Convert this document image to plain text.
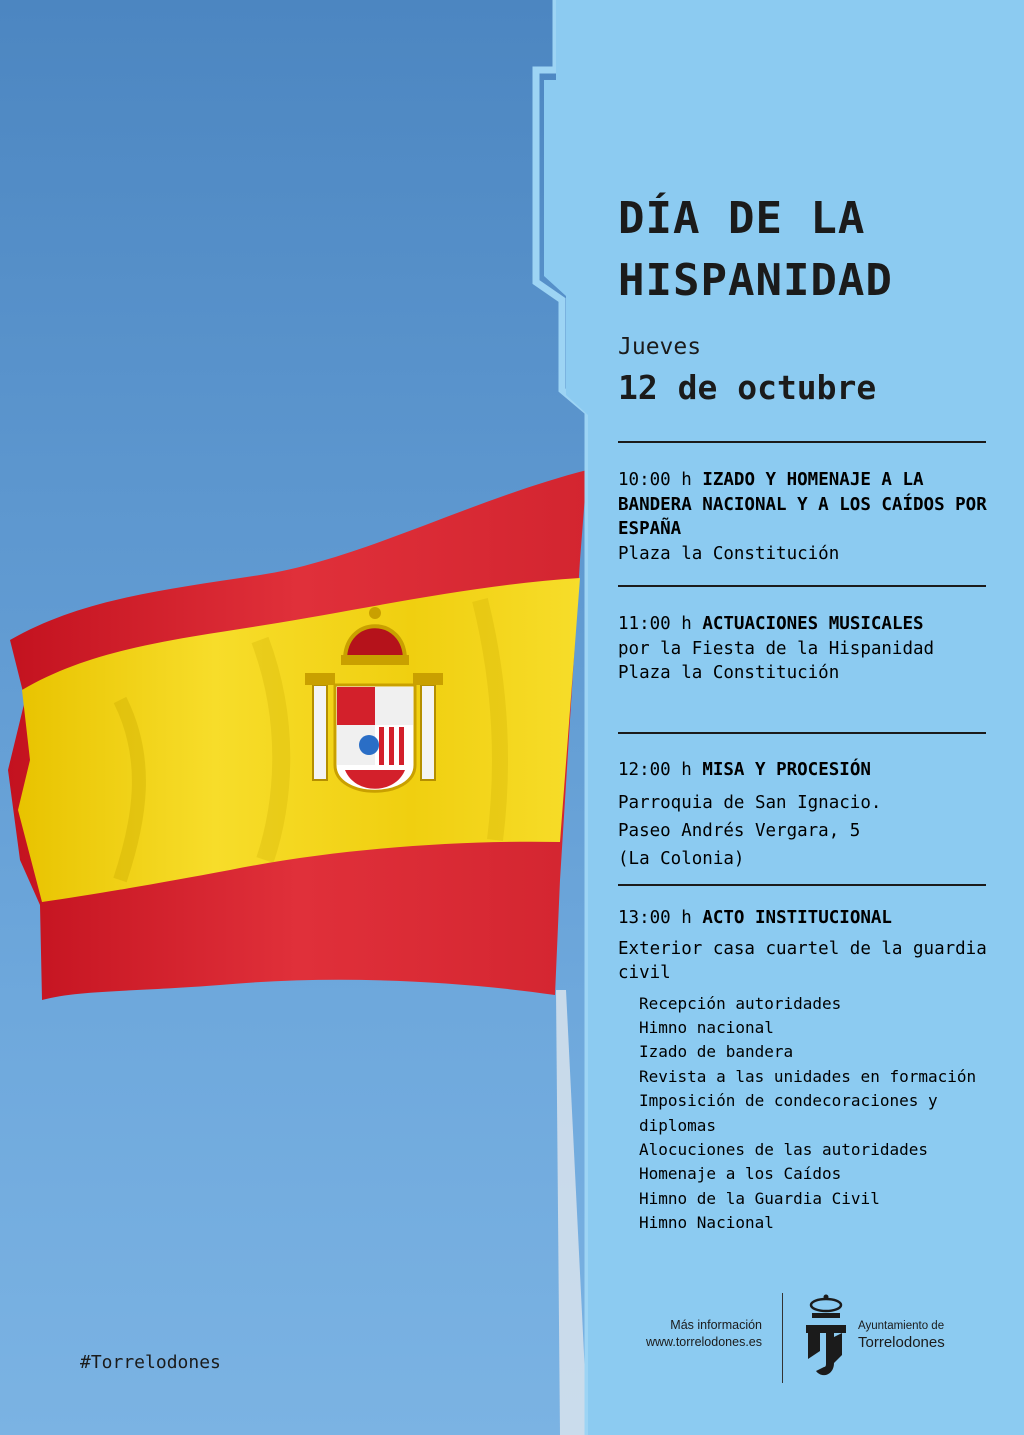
DÍA DE LA HISPANIDAD
Jueves
12 de octubre
10:00 h IZADO Y HOMENAJE A LA BANDERA NACIONAL Y A LOS CAÍDOS POR ESPAÑA
Plaza la Constitución
11:00 h ACTUACIONES MUSICALES
por la Fiesta de la Hispanidad
Plaza la Constitución
12:00 h MISA Y PROCESIÓN
Parroquia de San Ignacio.
Paseo Andrés Vergara, 5
(La Colonia)
13:00 h ACTO INSTITUCIONAL
Exterior casa cuartel de la guardia civil
Recepción autoridades
Himno nacional
Izado de bandera
Revista a las unidades en formación
Imposición de condecoraciones y diplomas
Alocuciones de las autoridades
Homenaje a los Caídos
Himno de la Guardia Civil
Himno Nacional
#Torrelodones
Más información
www.torrelodones.es
Ayuntamiento de
Torrelodones
